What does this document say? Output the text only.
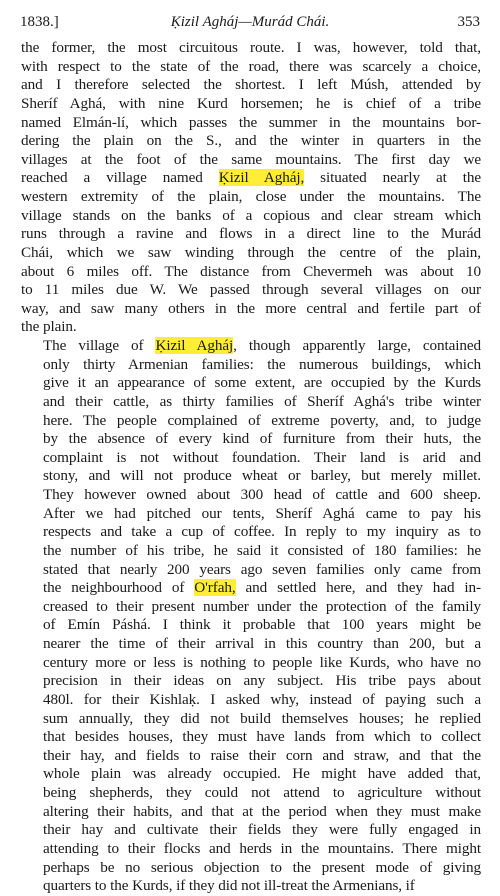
1838.]	Ḳizil Agháj—Murád Chái.	353

the former, the most circuitous route. I was, however, told that,
with respect to the state of the road, there was scarcely a choice,
and I therefore selected the shortest. I left Músh, attended by
Sheríf Aghá, with nine Kurd horsemen; he is chief of a tribe
named Elmán-lí, which passes the summer in the mountains bor-
dering the plain on the S., and the winter in quarters in the
villages at the foot of the same mountains. The first day we
reached a village named Ḳizil Agháj, situated nearly at the
western extremity of the plain, close under the mountains. The
village stands on the banks of a copious and clear stream which
runs through a ravine and flows in a direct line to the Murád
Chái, which we saw winding through the centre of the plain,
about 6 miles off. The distance from Chevermeh was about 10
to 11 miles due W. We passed through several villages on our
way, and saw many others in the more central and fertile part of
the plain.

The village of Ḳizil Agháj, though apparently large, contained
only thirty Armenian families: the numerous buildings, which
give it an appearance of some extent, are occupied by the Kurds
and their cattle, as thirty families of Sheríf Aghá's tribe winter
here. The people complained of extreme poverty, and, to judge
by the absence of every kind of furniture from their huts, the
complaint is not without foundation. Their land is arid and
stony, and will not produce wheat or barley, but merely millet.
They however owned about 300 head of cattle and 600 sheep.
After we had pitched our tents, Sheríf Aghá came to pay his
respects and take a cup of coffee. In reply to my inquiry as to
the number of his tribe, he said it consisted of 180 families: he
stated that nearly 200 years ago seven families only came from
the neighbourhood of O'rfah, and settled here, and they had in-
creased to their present number under the protection of the family
of Emín Páshá. I think it probable that 100 years might be
nearer the time of their arrival in this country than 200, but a
century more or less is nothing to people like Kurds, who have no
precision in their ideas on any subject. His tribe pays about
480l. for their Kishlaḳ. I asked why, instead of paying such a
sum annually, they did not build themselves houses; he replied
that besides houses, they must have lands from which to collect
their hay, and fields to raise their corn and straw, and that the
whole plain was already occupied. He might have added that,
being shepherds, they could not attend to agriculture without
altering their habits, and that at the period when they must make
their hay and cultivate their fields they were fully engaged in
attending to their flocks and herds in the mountains. There might
perhaps be no serious objection to the present mode of giving
quarters to the Kurds, if they did not ill-treat the Armenians, if
